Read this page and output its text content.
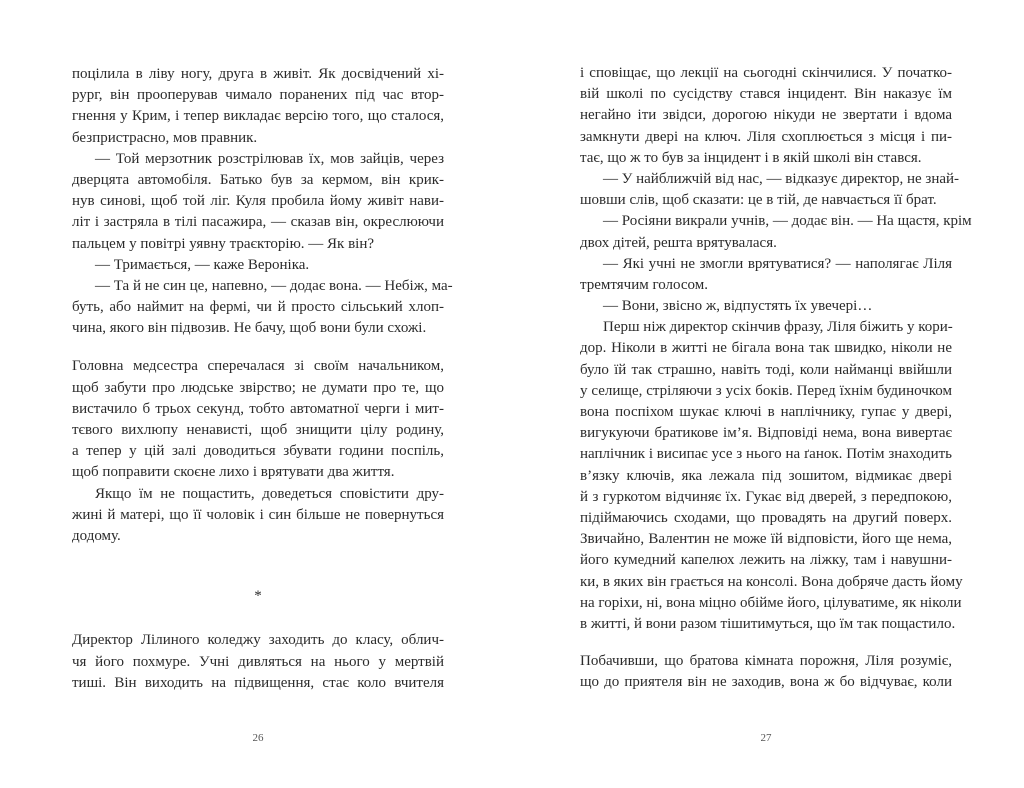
поцілила в ліву ногу, друга в живіт. Як досвідчений хі-
рург, він прооперував чимало поранених під час втор-
гнення у Крим, і тепер викладає версію того, що сталося,
безпристрасно, мов правник.
— Той мерзотник розстрілював їх, мов зайців, через
дверцята автомобіля. Батько був за кермом, він крик-
нув синові, щоб той ліг. Куля пробила йому живіт нави-
літ і застряла в тілі пасажира, — сказав він, окреслюючи
пальцем у повітрі уявну траєкторію. — Як він?
— Тримається, — каже Вероніка.
— Та й не син це, напевно, — додає вона. — Небіж, ма-
буть, або наймит на фермі, чи й просто сільський хлоп-
чина, якого він підвозив. Не бачу, щоб вони були схожі.
Головна медсестра сперечалася зі своїм начальником,
щоб забути про людське звірство; не думати про те, що
вистачило б трьох секунд, тобто автоматної черги і мит-
тєвого вихлюпу ненависті, щоб знищити цілу родину,
а тепер у цій залі доводиться збувати години поспіль,
щоб поправити скоєне лихо і врятувати два життя.
Якщо їм не пощастить, доведеться сповістити дру-
жині й матері, що її чоловік і син більше не повернуться
додому.
*
Директор Лілиного коледжу заходить до класу, облич-
чя його похмуре. Учні дивляться на нього у мертвій
тиші. Він виходить на підвищення, стає коло вчителя
і сповіщає, що лекції на сьогодні скінчилися. У початко-
вій школі по сусідству стався інцидент. Він наказує їм
негайно іти звідси, дорогою нікуди не звертати і вдома
замкнути двері на ключ. Ліля схоплюється з місця і пи-
тає, що ж то був за інцидент і в якій школі він стався.
— У найближчій від нас, — відказує директор, не знай-
шовши слів, щоб сказати: це в тій, де навчається її брат.
— Росіяни викрали учнів, — додає він. — На щастя, крім
двох дітей, решта врятувалася.
— Які учні не змогли врятуватися? — наполягає Ліля
тремтячим голосом.
— Вони, звісно ж, відпустять їх увечері…
Перш ніж директор скінчив фразу, Ліля біжить у кори-
дор. Ніколи в житті не бігала вона так швидко, ніколи не
було їй так страшно, навіть тоді, коли найманці ввійшли
у селище, стріляючи з усіх боків. Перед їхнім будиночком
вона поспіхом шукає ключі в наплічнику, гупає у двері,
вигукуючи братикове ім’я. Відповіді нема, вона вивертає
наплічник і висипає усе з нього на ґанок. Потім знаходить
в’язку ключів, яка лежала під зошитом, відмикає двері
й з гуркотом відчиняє їх. Гукає від дверей, з передпокою,
підіймаючись сходами, що провадять на другий поверх.
Звичайно, Валентин не може їй відповісти, його ще нема,
його кумедний капелюх лежить на ліжку, там і навушни-
ки, в яких він грається на консолі. Вона добряче дасть йому
на горіхи, ні, вона міцно обійме його, цілуватиме, як ніколи
в житті, й вони разом тішитимуться, що їм так пощастило.
Побачивши, що братова кімната порожня, Ліля розуміє,
що до приятеля він не заходив, вона ж бо відчуває, коли
26	27
